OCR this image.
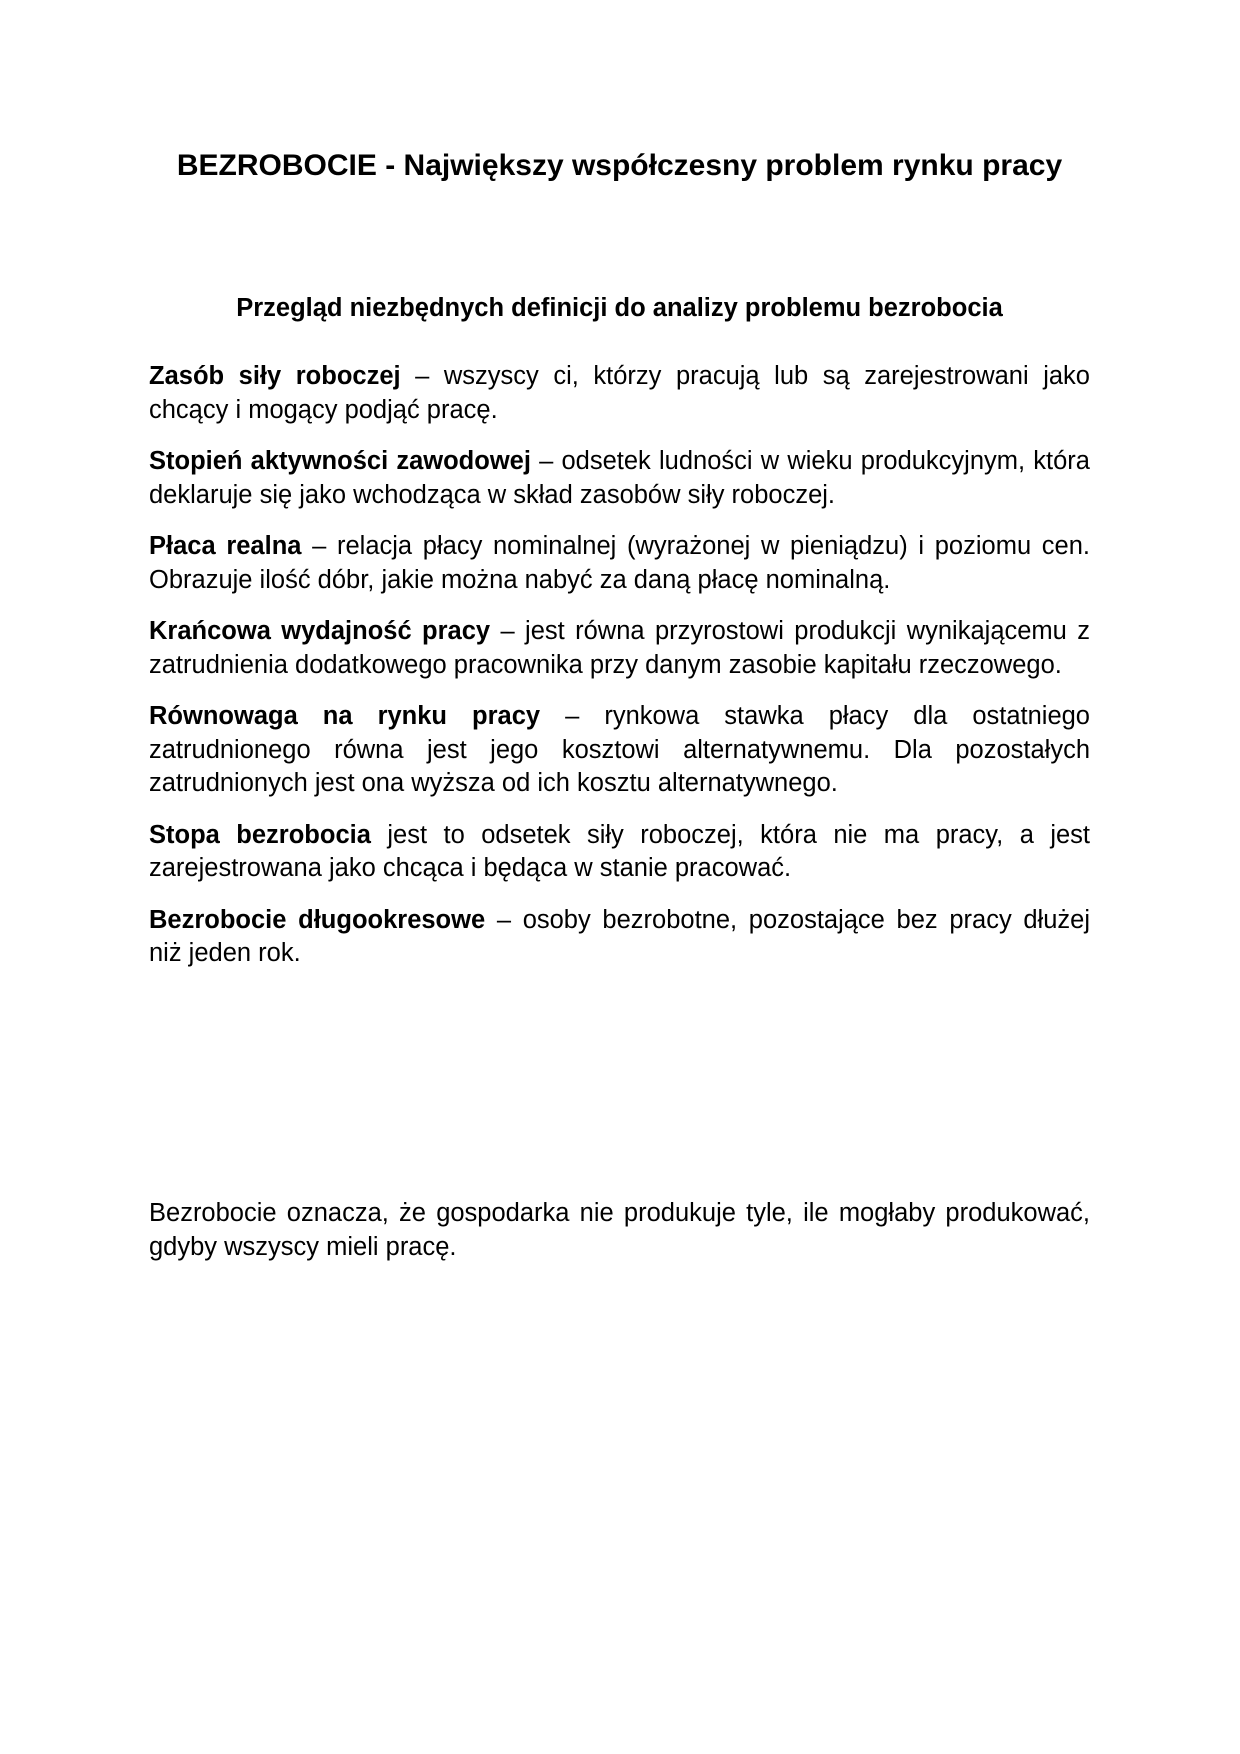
BEZROBOCIE - Największy współczesny problem rynku pracy
Przegląd niezbędnych definicji do analizy problemu bezrobocia

Zasób siły roboczej – wszyscy ci, którzy pracują lub są zarejestrowani jako chcący i mogący podjąć pracę.

Stopień aktywności zawodowej – odsetek ludności w wieku produkcyjnym, która deklaruje się jako wchodząca w skład zasobów siły roboczej.

Płaca realna – relacja płacy nominalnej (wyrażonej w pieniądzu) i poziomu cen. Obrazuje ilość dóbr, jakie można nabyć za daną płacę nominalną.

Krańcowa wydajność pracy – jest równa przyrostowi produkcji wynikającemu z zatrudnienia dodatkowego pracownika przy danym zasobie kapitału rzeczowego.

Równowaga na rynku pracy – rynkowa stawka płacy dla ostatniego zatrudnionego równa jest jego kosztowi alternatywnemu. Dla pozostałych zatrudnionych jest ona wyższa od ich kosztu alternatywnego.

Stopa bezrobocia jest to odsetek siły roboczej, która nie ma pracy, a jest zarejestrowana jako chcąca i będąca w stanie pracować.

Bezrobocie długookresowe – osoby bezrobotne, pozostające bez pracy dłużej niż jeden rok.

Bezrobocie oznacza, że gospodarka nie produkuje tyle, ile mogłaby produkować, gdyby wszyscy mieli pracę.
